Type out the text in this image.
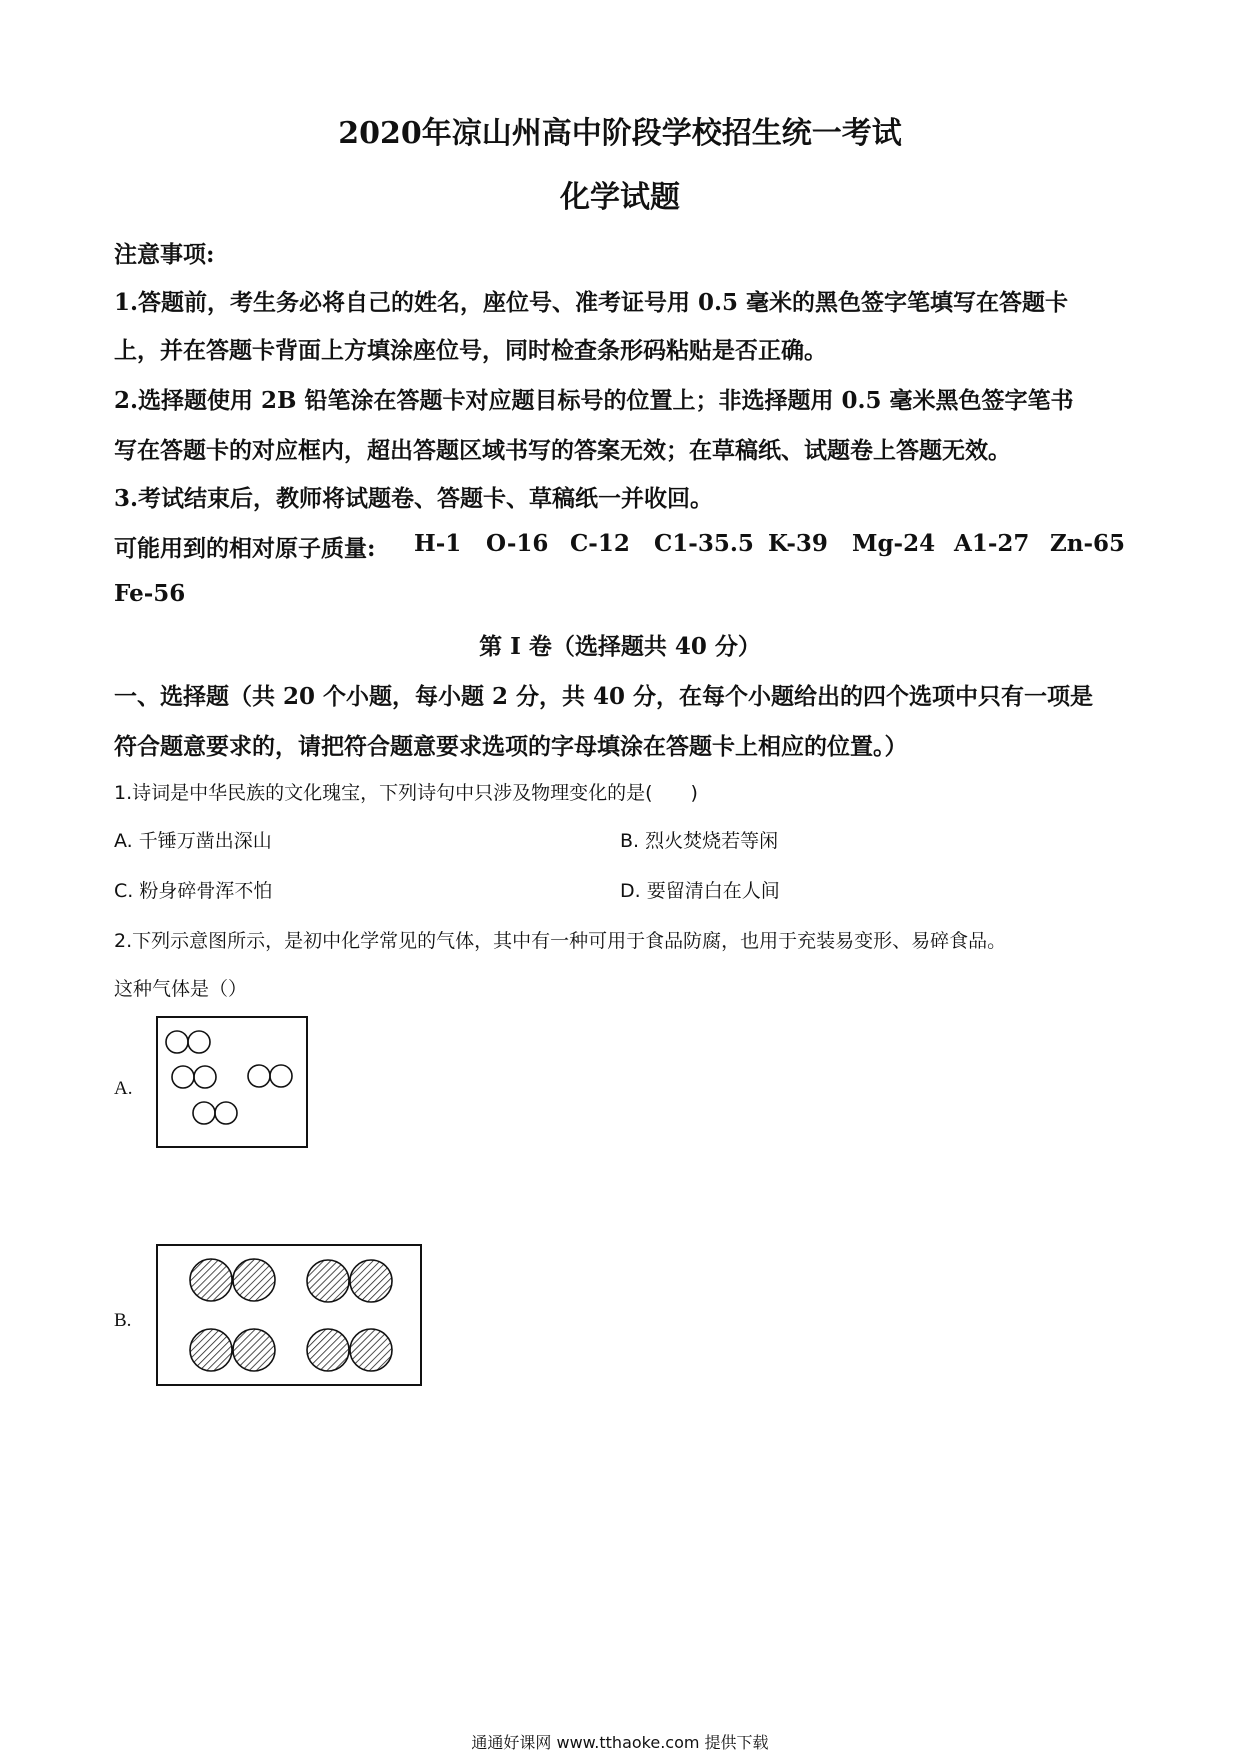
2020年凉山州高中阶段学校招生统一考试
化学试题
注意事项:
1.答题前，考生务必将自己的姓名，座位号、准考证号用 0.5 毫米的黑色签字笔填写在答题卡
上，并在答题卡背面上方填涂座位号，同时检查条形码粘贴是否正确。
2.选择题使用 2B 铅笔涂在答题卡对应题目标号的位置上；非选择题用 0.5 毫米黑色签字笔书
写在答题卡的对应框内，超出答题区域书写的答案无效；在草稿纸、试题卷上答题无效。
3.考试结束后，教师将试题卷、答题卡、草稿纸一并收回。
可能用到的相对原子质量: H-1 O-16 C-12 C1-35.5 K-39 Mg-24 A1-27 Zn-65
Fe-56
第 I 卷（选择题共 40 分）
一、选择题（共 20 个小题，每小题 2 分，共 40 分，在每个小题给出的四个选项中只有一项是
符合题意要求的，请把符合题意要求选项的字母填涂在答题卡上相应的位置。）
1.诗词是中华民族的文化瑰宝，下列诗句中只涉及物理变化的是(　　)
A. 千锤万凿出深山	B. 烈火焚烧若等闲
C. 粉身碎骨浑不怕	D. 要留清白在人间
2.下列示意图所示，是初中化学常见的气体，其中有一种可用于食品防腐，也用于充装易变形、易碎食品。
这种气体是（）
A.
B.
通通好课网 www.tthaoke.com 提供下载
